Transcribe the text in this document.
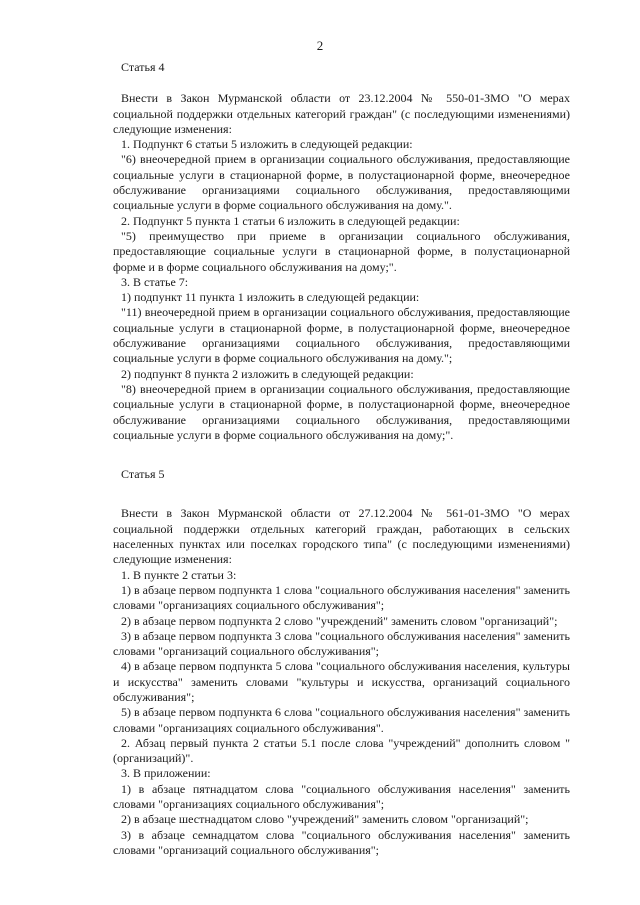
2
Статья 4

Внести в Закон Мурманской области от 23.12.2004 № 550-01-ЗМО "О мерах социальной поддержки отдельных категорий граждан" (с последующими изменениями) следующие изменения:

1. Подпункт 6 статьи 5 изложить в следующей редакции:

"6) внеочередной прием в организации социального обслуживания, предоставляющие социальные услуги в стационарной форме, в полустационарной форме, внеочередное обслуживание организациями социального обслуживания, предоставляющими социальные услуги в форме социального обслуживания на дому.".

2. Подпункт 5 пункта 1 статьи 6 изложить в следующей редакции:

"5) преимущество при приеме в организации социального обслуживания, предоставляющие социальные услуги в стационарной форме, в полустационарной форме и в форме социального обслуживания на дому;".

3. В статье 7:

1) подпункт 11 пункта 1 изложить в следующей редакции:

"11) внеочередной прием в организации социального обслуживания, предоставляющие социальные услуги в стационарной форме, в полустационарной форме, внеочередное обслуживание организациями социального обслуживания, предоставляющими социальные услуги в форме социального обслуживания на дому.";

2) подпункт 8 пункта 2 изложить в следующей редакции:

"8) внеочередной прием в организации социального обслуживания, предоставляющие социальные услуги в стационарной форме, в полустационарной форме, внеочередное обслуживание организациями социального обслуживания, предоставляющими социальные услуги в форме социального обслуживания на дому;".

Статья 5

Внести в Закон Мурманской области от 27.12.2004 № 561-01-ЗМО "О мерах социальной поддержки отдельных категорий граждан, работающих в сельских населенных пунктах или поселках городского типа" (с последующими изменениями) следующие изменения:

1. В пункте 2 статьи 3:

1) в абзаце первом подпункта 1 слова "социального обслуживания населения" заменить словами "организациях социального обслуживания";

2) в абзаце первом подпункта 2 слово "учреждений" заменить словом "организаций";

3) в абзаце первом подпункта 3 слова "социального обслуживания населения" заменить словами "организаций социального обслуживания";

4) в абзаце первом подпункта 5 слова "социального обслуживания населения, культуры и искусства" заменить словами "культуры и искусства, организаций социального обслуживания";

5) в абзаце первом подпункта 6 слова "социального обслуживания населения" заменить словами "организациях социального обслуживания".

2. Абзац первый пункта 2 статьи 5.1 после слова "учреждений" дополнить словом "(организаций)".

3. В приложении:

1) в абзаце пятнадцатом слова "социального обслуживания населения" заменить словами "организациях социального обслуживания";

2) в абзаце шестнадцатом слово "учреждений" заменить словом "организаций";

3) в абзаце семнадцатом слова "социального обслуживания населения" заменить словами "организаций социального обслуживания";
